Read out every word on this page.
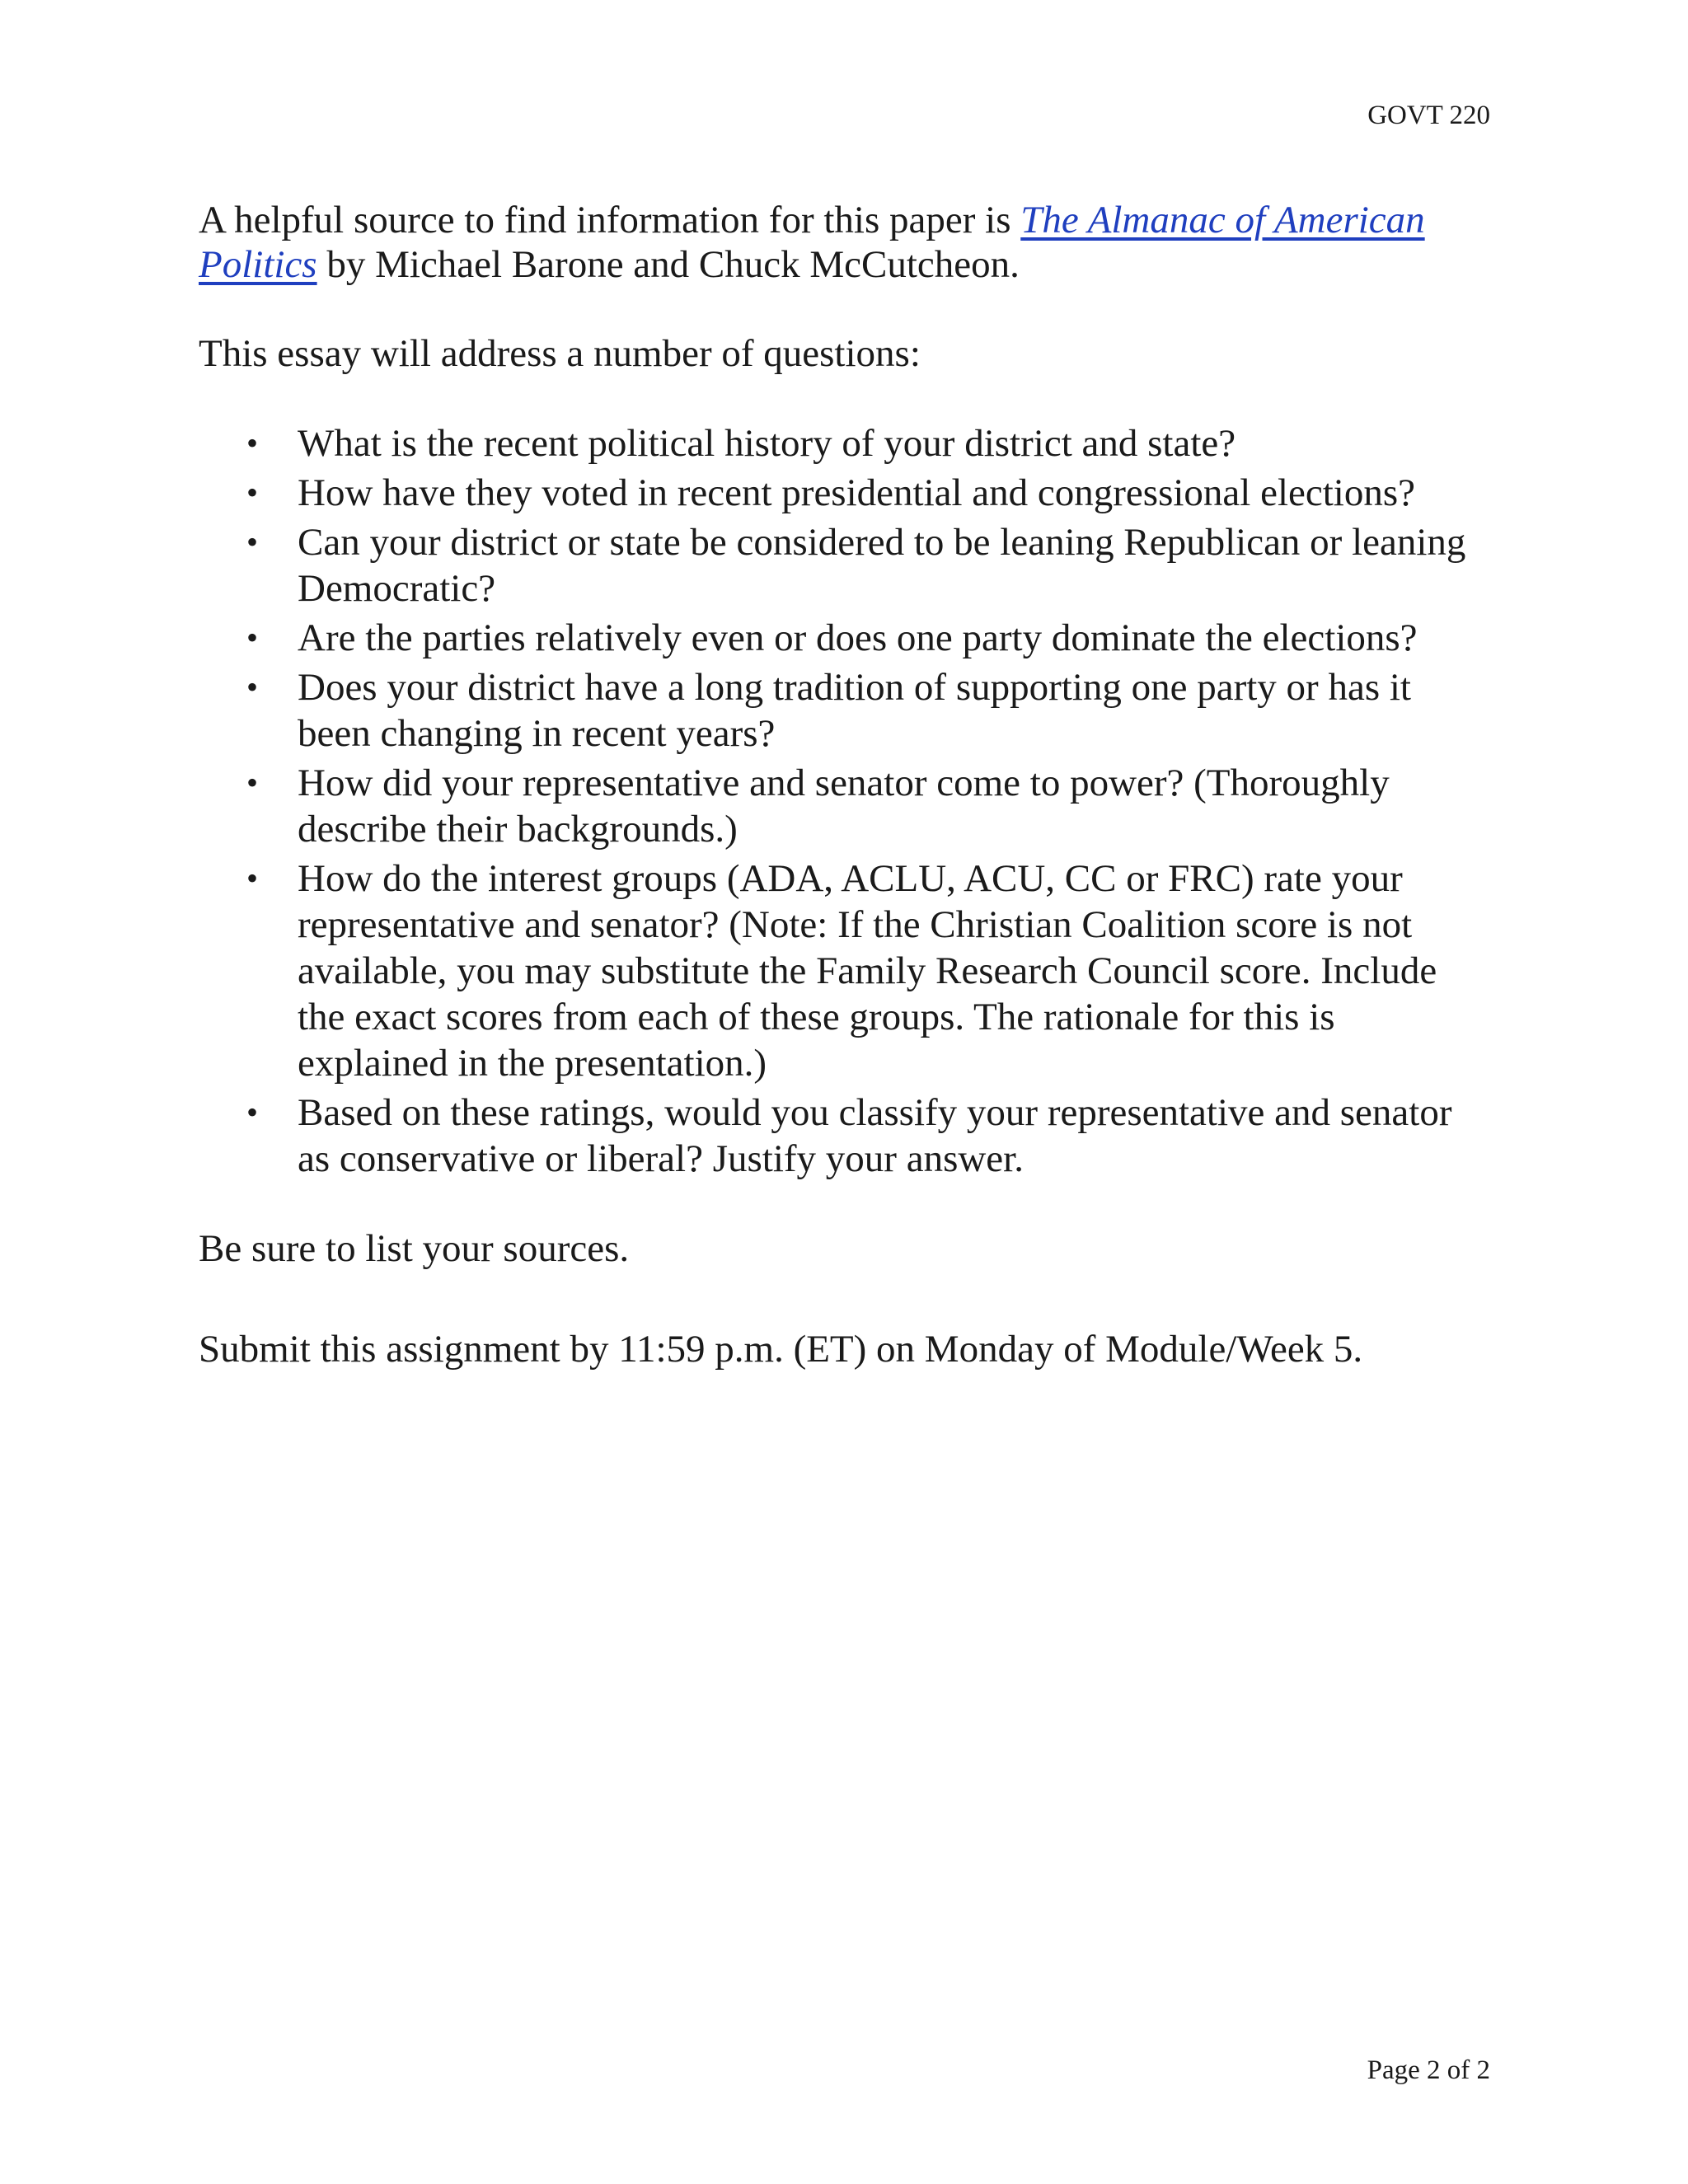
GOVT 220

A helpful source to find information for this paper is The Almanac of American Politics by Michael Barone and Chuck McCutcheon.

This essay will address a number of questions:

• What is the recent political history of your district and state?
• How have they voted in recent presidential and congressional elections?
• Can your district or state be considered to be leaning Republican or leaning Democratic?
• Are the parties relatively even or does one party dominate the elections?
• Does your district have a long tradition of supporting one party or has it been changing in recent years?
• How did your representative and senator come to power? (Thoroughly describe their backgrounds.)
• How do the interest groups (ADA, ACLU, ACU, CC or FRC) rate your representative and senator? (Note: If the Christian Coalition score is not available, you may substitute the Family Research Council score. Include the exact scores from each of these groups. The rationale for this is explained in the presentation.)
• Based on these ratings, would you classify your representative and senator as conservative or liberal? Justify your answer.

Be sure to list your sources.

Submit this assignment by 11:59 p.m. (ET) on Monday of Module/Week 5.

Page 2 of 2
